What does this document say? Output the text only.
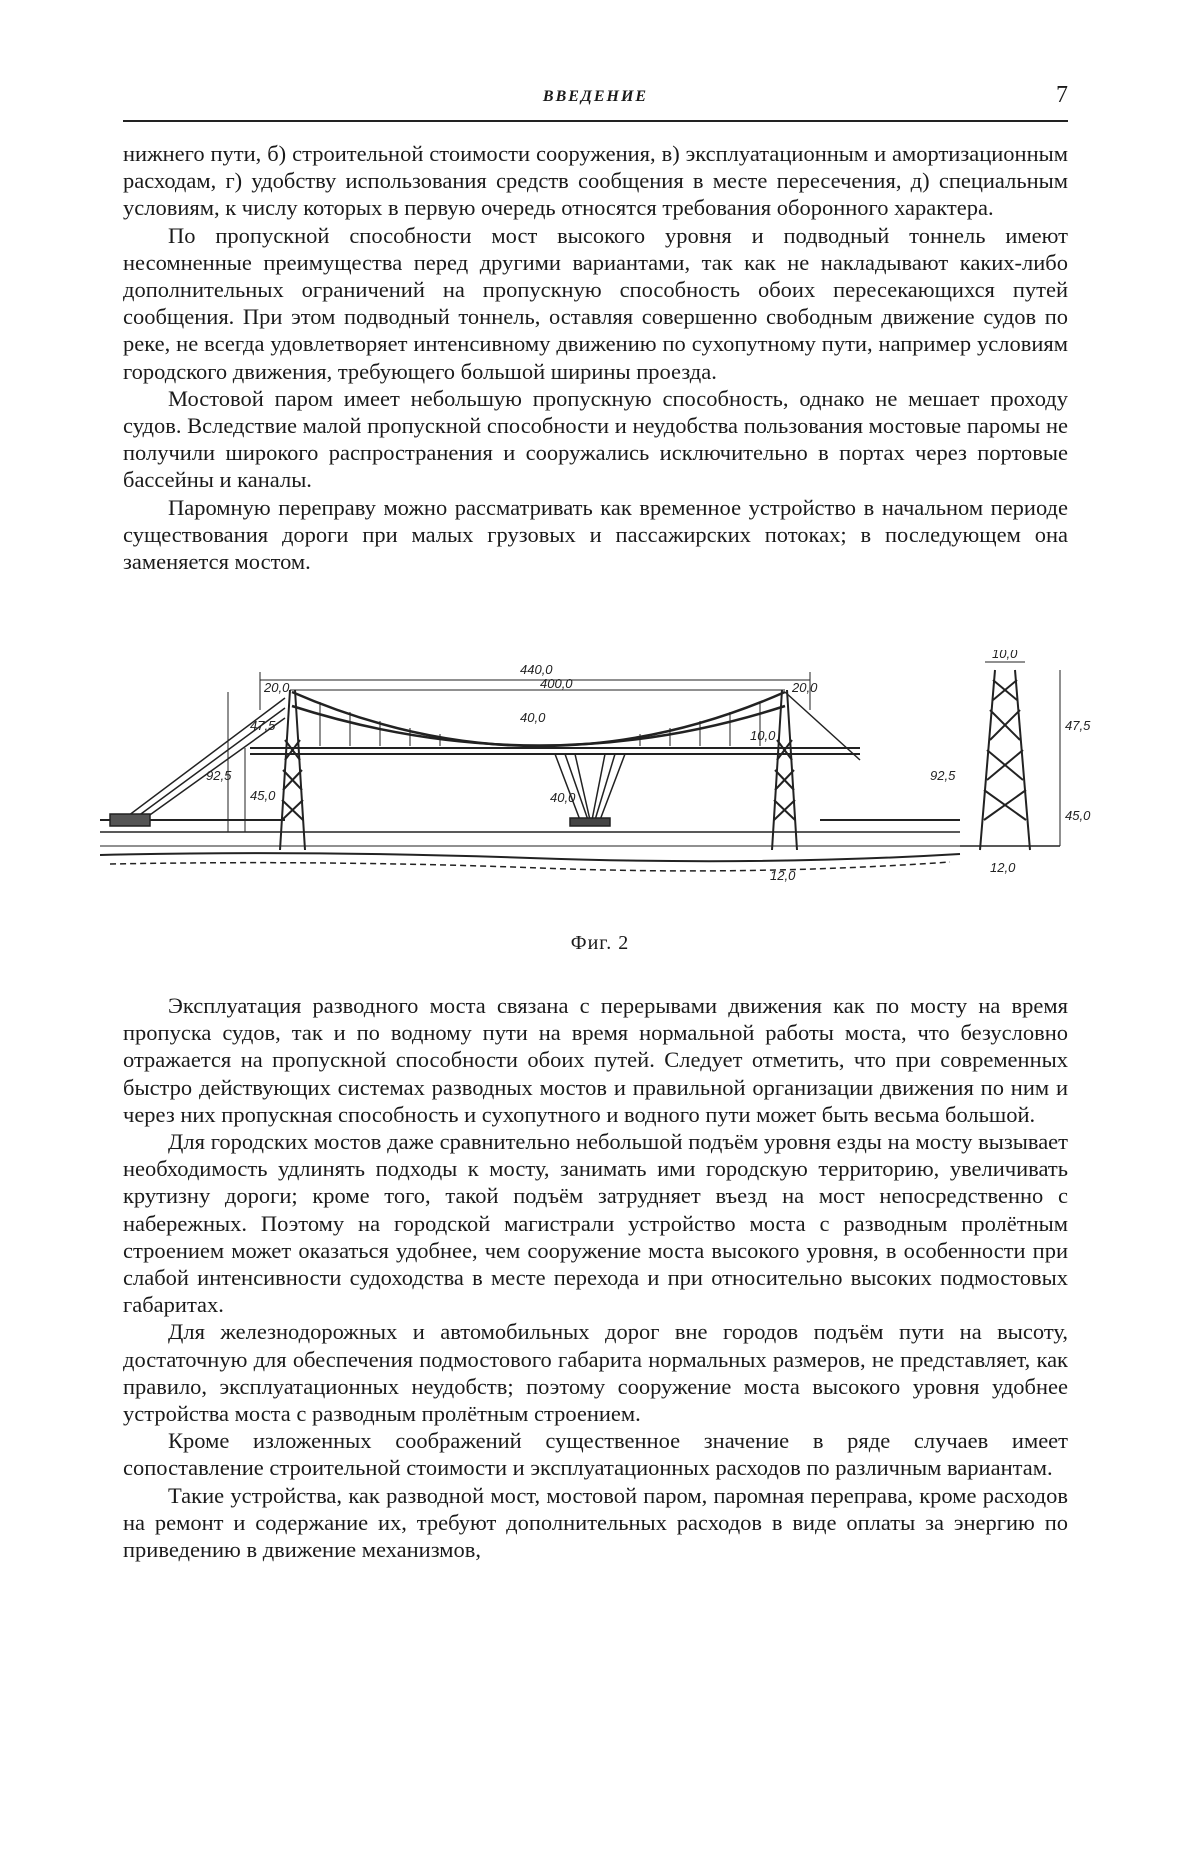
ВВЕДЕНИЕ	7

нижнего пути, б) строительной стоимости сооружения, в) эксплуатационным и амортизационным расходам, г) удобству использования средств сообщения в месте пересечения, д) специальным условиям, к числу которых в первую очередь относятся требования оборонного характера.

По пропускной способности мост высокого уровня и подводный тоннель имеют несомненные преимущества перед другими вариантами, так как не накладывают каких-либо дополнительных ограничений на пропускную способность обоих пересекающихся путей сообщения. При этом подводный тоннель, оставляя совершенно свободным движение судов по реке, не всегда удовлетворяет интенсивному движению по сухопутному пути, например условиям городского движения, требующего большой ширины проезда.

Мостовой паром имеет небольшую пропускную способность, однако не мешает проходу судов. Вследствие малой пропускной способности и неудобства пользования мостовые паромы не получили широкого распространения и сооружались исключительно в портах через портовые бассейны и каналы.

Паромную переправу можно рассматривать как временное устройство в начальном периоде существования дороги при малых грузовых и пассажирских потоках; в последующем она заменяется мостом.

440,0
400,0
20,0	20,0
40,0
92,5
45,0
47,5
10,0
40,0
12,0
10,0
47,5
45,0
12,0
92,5
Фиг. 2

Эксплуатация разводного моста связана с перерывами движения как по мосту на время пропуска судов, так и по водному пути на время нормальной работы моста, что безусловно отражается на пропускной способности обоих путей. Следует отметить, что при современных быстро действующих системах разводных мостов и правильной организации движения по ним и через них пропускная способность и сухопутного и водного пути может быть весьма большой.

Для городских мостов даже сравнительно небольшой подъём уровня езды на мосту вызывает необходимость удлинять подходы к мосту, занимать ими городскую территорию, увеличивать крутизну дороги; кроме того, такой подъём затрудняет въезд на мост непосредственно с набережных. Поэтому на городской магистрали устройство моста с разводным пролётным строением может оказаться удобнее, чем сооружение моста высокого уровня, в особенности при слабой интенсивности судоходства в месте перехода и при относительно высоких подмостовых габаритах.

Для железнодорожных и автомобильных дорог вне городов подъём пути на высоту, достаточную для обеспечения подмостового габарита нормальных размеров, не представляет, как правило, эксплуатационных неудобств; поэтому сооружение моста высокого уровня удобнее устройства моста с разводным пролётным строением.

Кроме изложенных соображений существенное значение в ряде случаев имеет сопоставление строительной стоимости и эксплуатационных расходов по различным вариантам.

Такие устройства, как разводной мост, мостовой паром, паромная переправа, кроме расходов на ремонт и содержание их, требуют дополнительных расходов в виде оплаты за энергию по приведению в движение механизмов,
